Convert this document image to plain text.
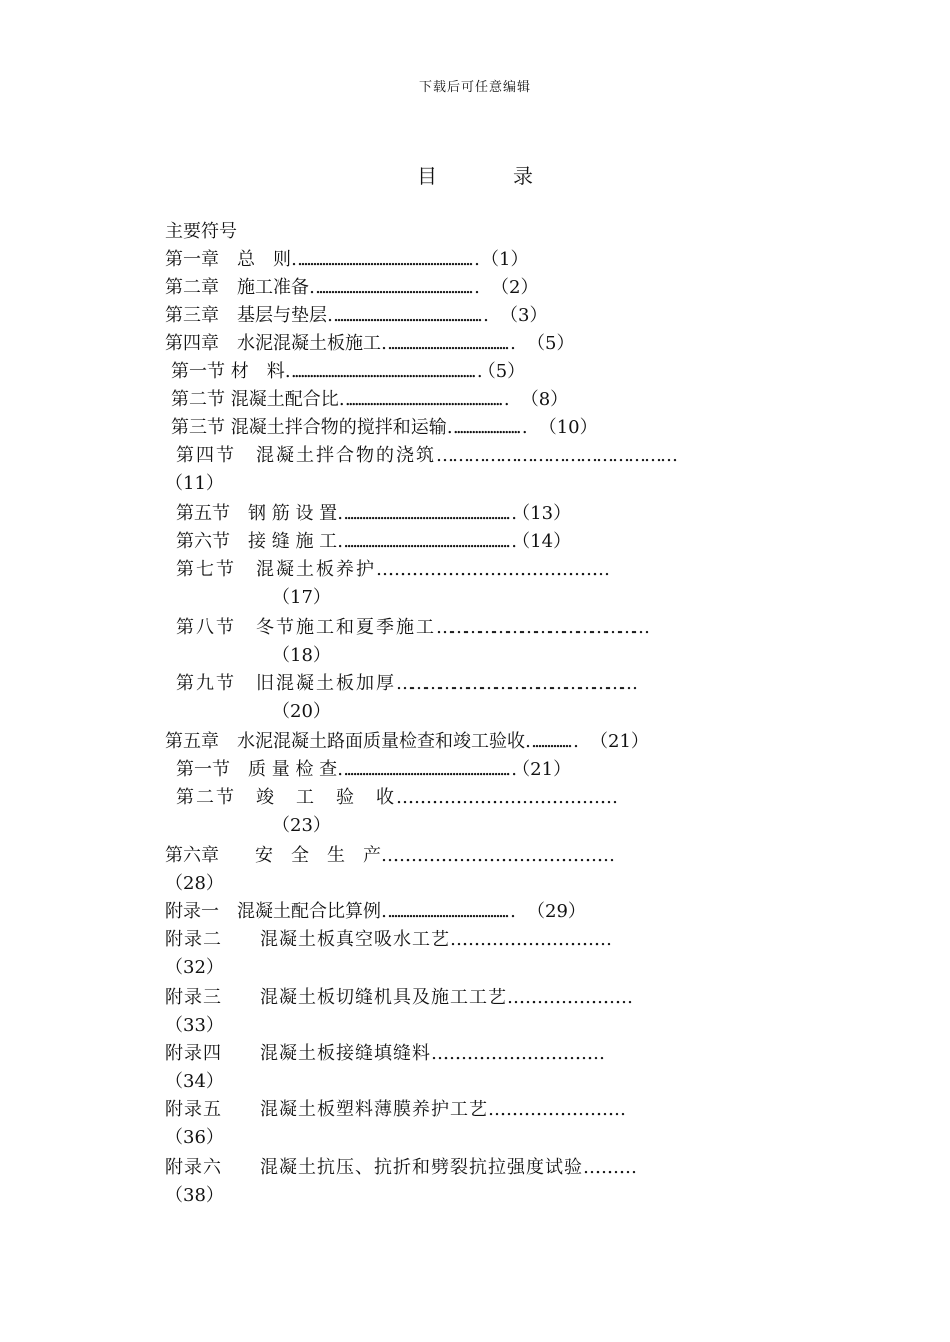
下载后可任意编辑
目　录
主要符号
第一章　总　则…………………………………………………… （1）
第二章　施工准备……………………………………………… （2）
第三章　基层与垫层…………………………………………… （3）
第四章　水泥混凝土板施工…………………………………… （5）
第一节 材　料……………………………………………………… （5）
第二节 混凝土配合比……………………………………………… （8）
第三节 混凝土拌合物的搅拌和运输…………………… （10）
第四节　混凝土拌合物的浇筑………………………………………
（11）
第五节　钢 筋 设 置………………………………………………… （13）
第六节　接 缝 施 工………………………………………………… （14）
第七节　混凝土板养护…………………………………………………
（17）
第八节　冬节施工和夏季施工………………………………………
（18）
第九节　旧混凝土板加厚……………………………………………
（20）
第五章　水泥混凝土路面质量检查和竣工验收…………… （21）
第一节　质 量 检 查………………………………………………… （21）
第二节　竣　工　验　收………………………………………………
（23）
第六章　　安　全　生　产…………………………………………………
（28）
附录一　混凝土配合比算例…………………………………… （29）
附录二　　混凝土板真空吸水工艺…………………………………
（32）
附录三　　混凝土板切缝机具及施工工艺…………………………
（33）
附录四　　混凝土板接缝填缝料……………………………………
（34）
附录五　　混凝土板塑料薄膜养护工艺……………………………
（36）
附录六　　混凝土抗压、抗折和劈裂抗拉强度试验…………
（38）
